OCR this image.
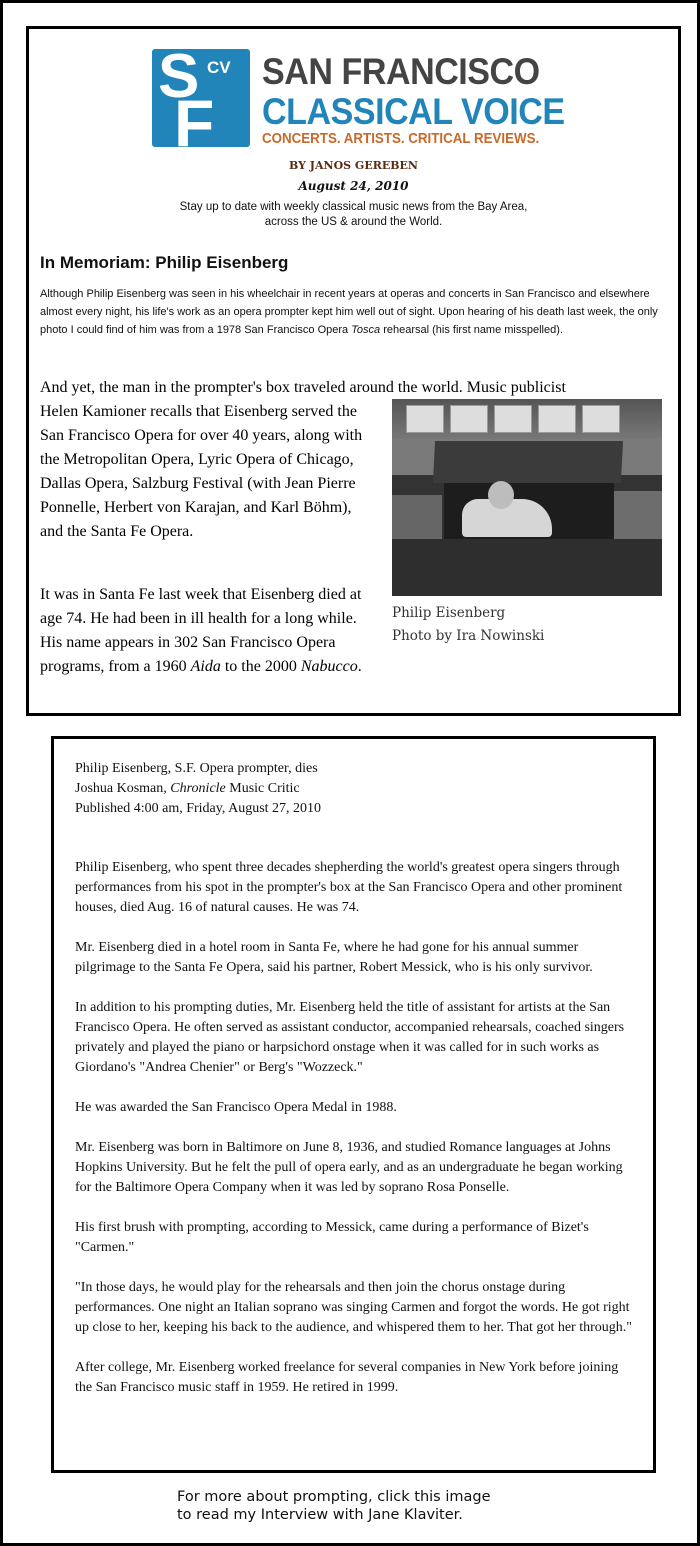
S
F
CV SAN FRANCISCO
CLASSICAL VOICE
CONCERTS. ARTISTS. CRITICAL REVIEWS.
BY JANOS GEREBEN
August 24, 2010
Stay up to date with weekly classical music news from the Bay Area,
across the US & around the World.
In Memoriam: Philip Eisenberg
Although Philip Eisenberg was seen in his wheelchair in recent years at operas and concerts in San Francisco and elsewhere almost every night, his life's work as an opera prompter kept him well out of sight. Upon hearing of his death last week, the only photo I could find of him was from a 1978 San Francisco Opera Tosca rehearsal (his first name misspelled).
And yet, the man in the prompter's box traveled around the world. Music publicist
Helen Kamioner recalls that Eisenberg served the San Francisco Opera for over 40 years, along with the Metropolitan Opera, Lyric Opera of Chicago, Dallas Opera, Salzburg Festival (with Jean Pierre Ponnelle, Herbert von Karajan, and Karl Böhm), and the Santa Fe Opera.
It was in Santa Fe last week that Eisenberg died at age 74. He had been in ill health for a long while. His name appears in 302 San Francisco Opera programs, from a 1960 Aida to the 2000 Nabucco.
Philip Eisenberg
Photo by Ira Nowinski
Philip Eisenberg, S.F. Opera prompter, dies
Joshua Kosman, Chronicle Music Critic
Published 4:00 am, Friday, August 27, 2010

Philip Eisenberg, who spent three decades shepherding the world's greatest opera singers through performances from his spot in the prompter's box at the San Francisco Opera and other prominent houses, died Aug. 16 of natural causes. He was 74.

Mr. Eisenberg died in a hotel room in Santa Fe, where he had gone for his annual summer pilgrimage to the Santa Fe Opera, said his partner, Robert Messick, who is his only survivor.

In addition to his prompting duties, Mr. Eisenberg held the title of assistant for artists at the San Francisco Opera. He often served as assistant conductor, accompanied rehearsals, coached singers privately and played the piano or harpsichord onstage when it was called for in such works as Giordano's "Andrea Chenier" or Berg's "Wozzeck."

He was awarded the San Francisco Opera Medal in 1988.

Mr. Eisenberg was born in Baltimore on June 8, 1936, and studied Romance languages at Johns Hopkins University. But he felt the pull of opera early, and as an undergraduate he began working for the Baltimore Opera Company when it was led by soprano Rosa Ponselle.

His first brush with prompting, according to Messick, came during a performance of Bizet's "Carmen."

"In those days, he would play for the rehearsals and then join the chorus onstage during performances. One night an Italian soprano was singing Carmen and forgot the words. He got right up close to her, keeping his back to the audience, and whispered them to her. That got her through."

After college, Mr. Eisenberg worked freelance for several companies in New York before joining the San Francisco music staff in 1959. He retired in 1999.

For more about prompting, click this image
to read my Interview with Jane Klaviter.
